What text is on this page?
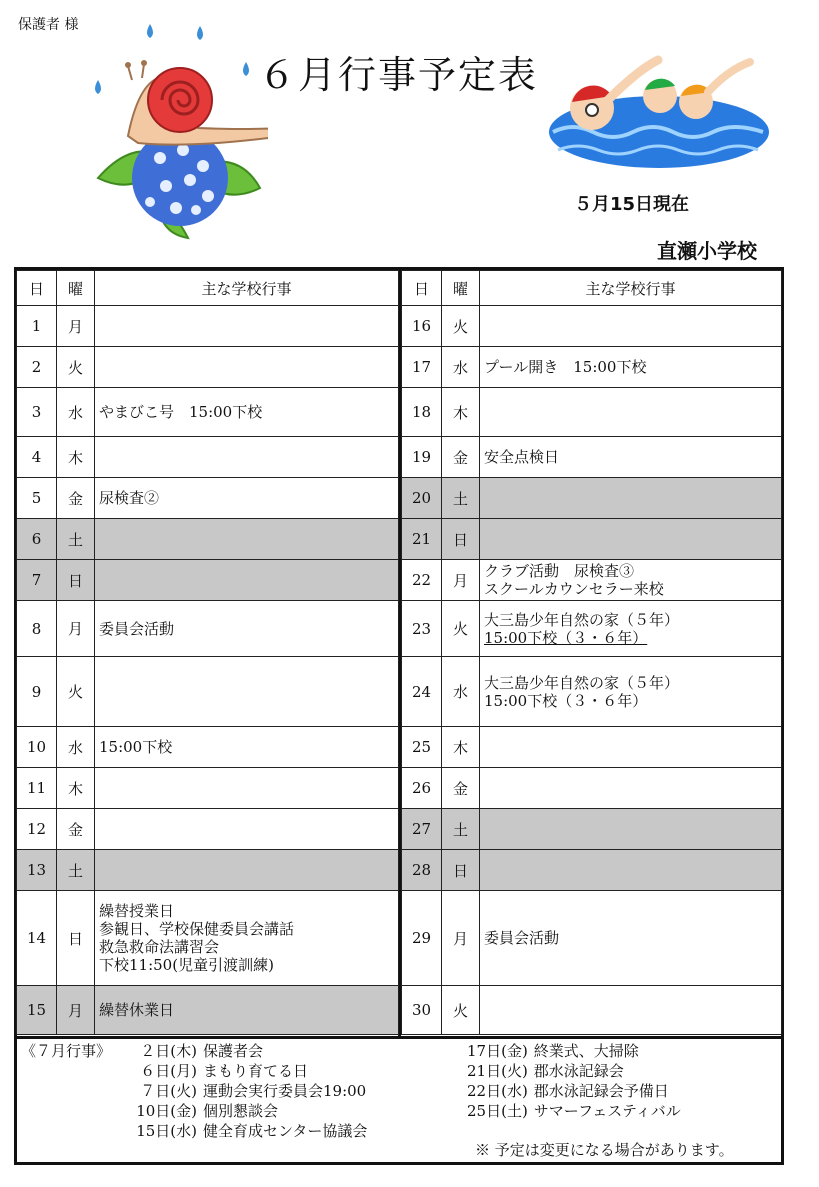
保護者 様
６月行事予定表
５月15日現在
直瀬小学校
日	曜	主な学校行事
1	月	
2	火	
3	水	やまびこ号　15:00下校

4	木	
5	金	尿検査②

6	土	
7	日	
8	月	委員会活動

9	火	
10	水	15:00下校

11	木	
12	金	
13	土	
14	日	繰替授業日
参観日、学校保健委員会講話
救急救命法講習会
下校11:50(児童引渡訓練)

15	月	繰替休業日
日	曜	主な学校行事
16	火	
17	水	プール開き　15:00下校

18	木	
19	金	安全点検日

20	土	
21	日	
22	月	クラブ活動　尿検査③
スクールカウンセラー来校

23	火	大三島少年自然の家（５年）
15:00下校（３・６年）

24	水	大三島少年自然の家（５年）
15:00下校（３・６年）

25	木	
26	金	
27	土	
28	日	
29	月	委員会活動

30	火	
《７月行事》	２日(木) 保護者会
６日(月) まもり育てる日
７日(火) 運動会実行委員会19:00
10日(金) 個別懇談会
15日(水) 健全育成センター協議会
17日(金) 終業式、大掃除
21日(火) 郡水泳記録会
22日(水) 郡水泳記録会予備日
25日(土) サマーフェスティバル
※ 予定は変更になる場合があります。
